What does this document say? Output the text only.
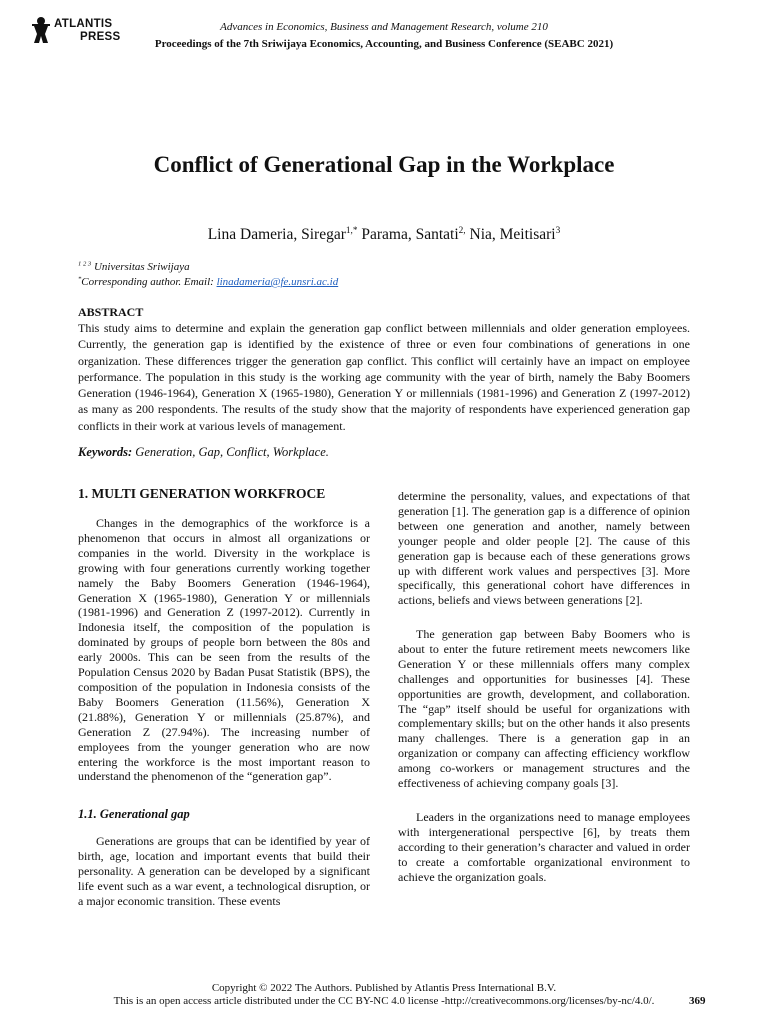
ATLANTIS
PRESS
Advances in Economics, Business and Management Research, volume 210
Proceedings of the 7th Sriwijaya Economics, Accounting, and Business Conference (SEABC 2021)
Conflict of Generational Gap in the Workplace
Lina Dameria, Siregar$^{1,*}$ Parama, Santati$^{2,}$ Nia, Meitisari$^3$
$^{1 2 3}$ Universitas Sriwijaya
*Corresponding author. Email: linadameria@fe.unsri.ac.id
ABSTRACT

This study aims to determine and explain the generation gap conflict between millennials and older generation employees. Currently, the generation gap is identified by the existence of three or even four combinations of generations in one organization. These differences trigger the generation gap conflict. This conflict will certainly have an impact on employee performance. The population in this study is the working age community with the year of birth, namely the Baby Boomers Generation (1946-1964), Generation X (1965-1980), Generation Y or millennials (1981-1996) and Generation Z (1997-2012) as many as 200 respondents. The results of the study show that the majority of respondents have experienced generation gap conflicts in their work at various levels of management.

Keywords: Generation, Gap, Conflict, Workplace.
1. MULTI GENERATION WORKFROCE

Changes in the demographics of the workforce is a phenomenon that occurs in almost all organizations or companies in the world. Diversity in the workplace is growing with four generations currently working together namely the Baby Boomers Generation (1946-1964), Generation X (1965-1980), Generation Y or millennials (1981-1996) and Generation Z (1997-2012). Currently in Indonesia itself, the composition of the population is dominated by groups of people born between the 80s and early 2000s. This can be seen from the results of the Population Census 2020 by Badan Pusat Statistik (BPS), the composition of the population in Indonesia consists of the Baby Boomers Generation (11.56%), Generation X (21.88%), Generation Y or millennials (25.87%), and Generation Z (27.94%). The increasing number of employees from the younger generation who are now entering the workforce is the most important reason to understand the phenomenon of the “generation gap”.

1.1. Generational gap

Generations are groups that can be identified by year of birth, age, location and important events that build their personality. A generation can be developed by a significant life event such as a war event, a technological disruption, or a major economic transition. These events

determine the personality, values, and expectations of that generation [1]. The generation gap is a difference of opinion between one generation and another, namely between younger people and older people [2]. The cause of this generation gap is because each of these generations grows up with different work values and perspectives [3]. More specifically, this generational cohort have differences in actions, beliefs and views between generations [2].

The generation gap between Baby Boomers who is about to enter the future retirement meets newcomers like Generation Y or these millennials offers many complex challenges and opportunities for businesses [4]. These opportunities are growth, development, and collaboration. The “gap” itself should be useful for organizations with complementary skills; but on the other hands it also presents many challenges. There is a generation gap in an organization or company can affecting efficiency workflow among co-workers or management structures and the effectiveness of achieving company goals [3].

Leaders in the organizations need to manage employees with intergenerational perspective [6], by treats them according to their generation’s character and valued in order to create a comfortable organizational environment to achieve the organization goals.

Copyright © 2022 The Authors. Published by Atlantis Press International B.V.
This is an open access article distributed under the CC BY-NC 4.0 license -http://creativecommons.org/licenses/by-nc/4.0/.	369
